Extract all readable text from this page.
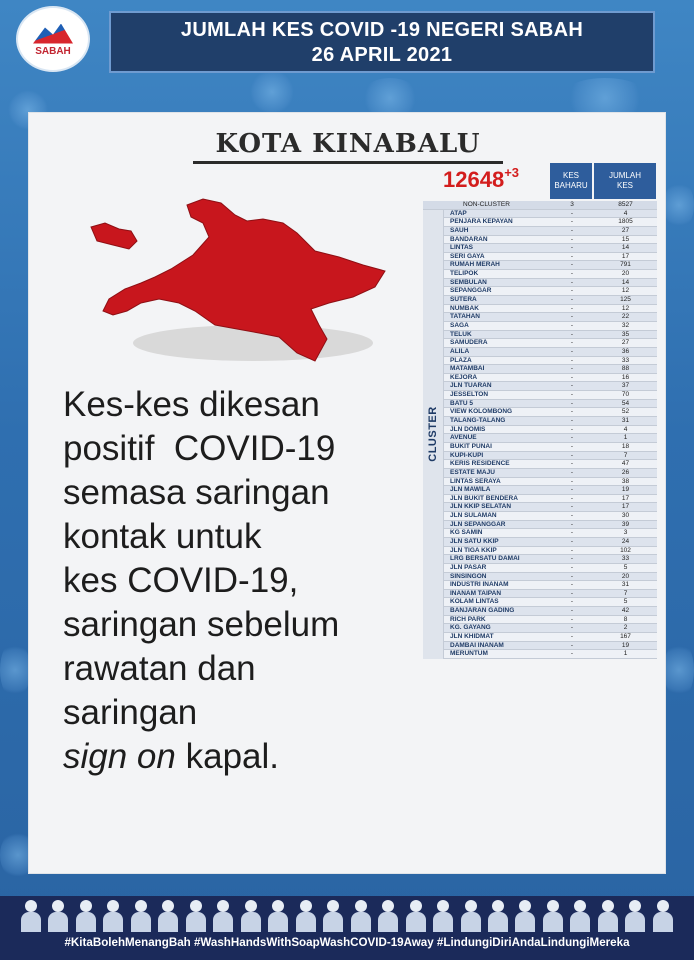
SABAH
JUMLAH KES COVID -19 NEGERI SABAH
26 APRIL 2021
KOTA KINABALU
Kes-kes dikesan
positif  COVID-19
semasa saringan
kontak untuk
kes COVID-19,
saringan sebelum
rawatan dan
saringan
sign on kapal.
$12648^{+3}$	KES
BAHARU
JUMLAH
KES
NON-CLUSTER	3	8527
CLUSTER
ATAP	-	4
PENJARA KEPAYAN	-	1805
SAUH	-	27
BANDARAN	-	15
LINTAS	-	14
SERI GAYA	-	17
RUMAH MERAH	-	791
TELIPOK	-	20
SEMBULAN	-	14
SEPANGGAR	-	12
SUTERA	-	125
NUMBAK	-	12
TATAHAN	-	22
SAGA	-	32
TELUK	-	35
SAMUDERA	-	27
ALILA	-	36
PLAZA	-	33
MATAMBAI	-	88
KEJORA	-	16
JLN TUARAN	-	37
JESSELTON	-	70
BATU 5	-	54
VIEW KOLOMBONG	-	52
TALANG-TALANG	-	31
JLN DOMIS	-	4
AVENUE	-	1
BUKIT PUNAI	-	18
KUPI-KUPI	-	7
KERIS RESIDENCE	-	47
ESTATE MAJU	-	26
LINTAS SERAYA	-	38
JLN MAWILA	-	19
JLN BUKIT BENDERA	-	17
JLN KKIP SELATAN	-	17
JLN SULAMAN	-	30
JLN SEPANGGAR	-	39
KG SAMIN	-	3
JLN SATU KKIP	-	24
JLN TIGA KKIP	-	102
LRG BERSATU DAMAI	-	33
JLN PASAR	-	5
SINSINGON	-	20
INDUSTRI INANAM	-	31
INANAM TAIPAN	-	7
KOLAM LINTAS	-	5
BANJARAN GADING	-	42
RICH PARK	-	8
KG. GAYANG	-	2
JLN KHIDMAT	-	167
DAMBAI INANAM	-	19
MERUNTUM	-	1
#KitaBolehMenangBah #WashHandsWithSoapWashCOVID-19Away #LindungiDiriAndaLindungiMereka
